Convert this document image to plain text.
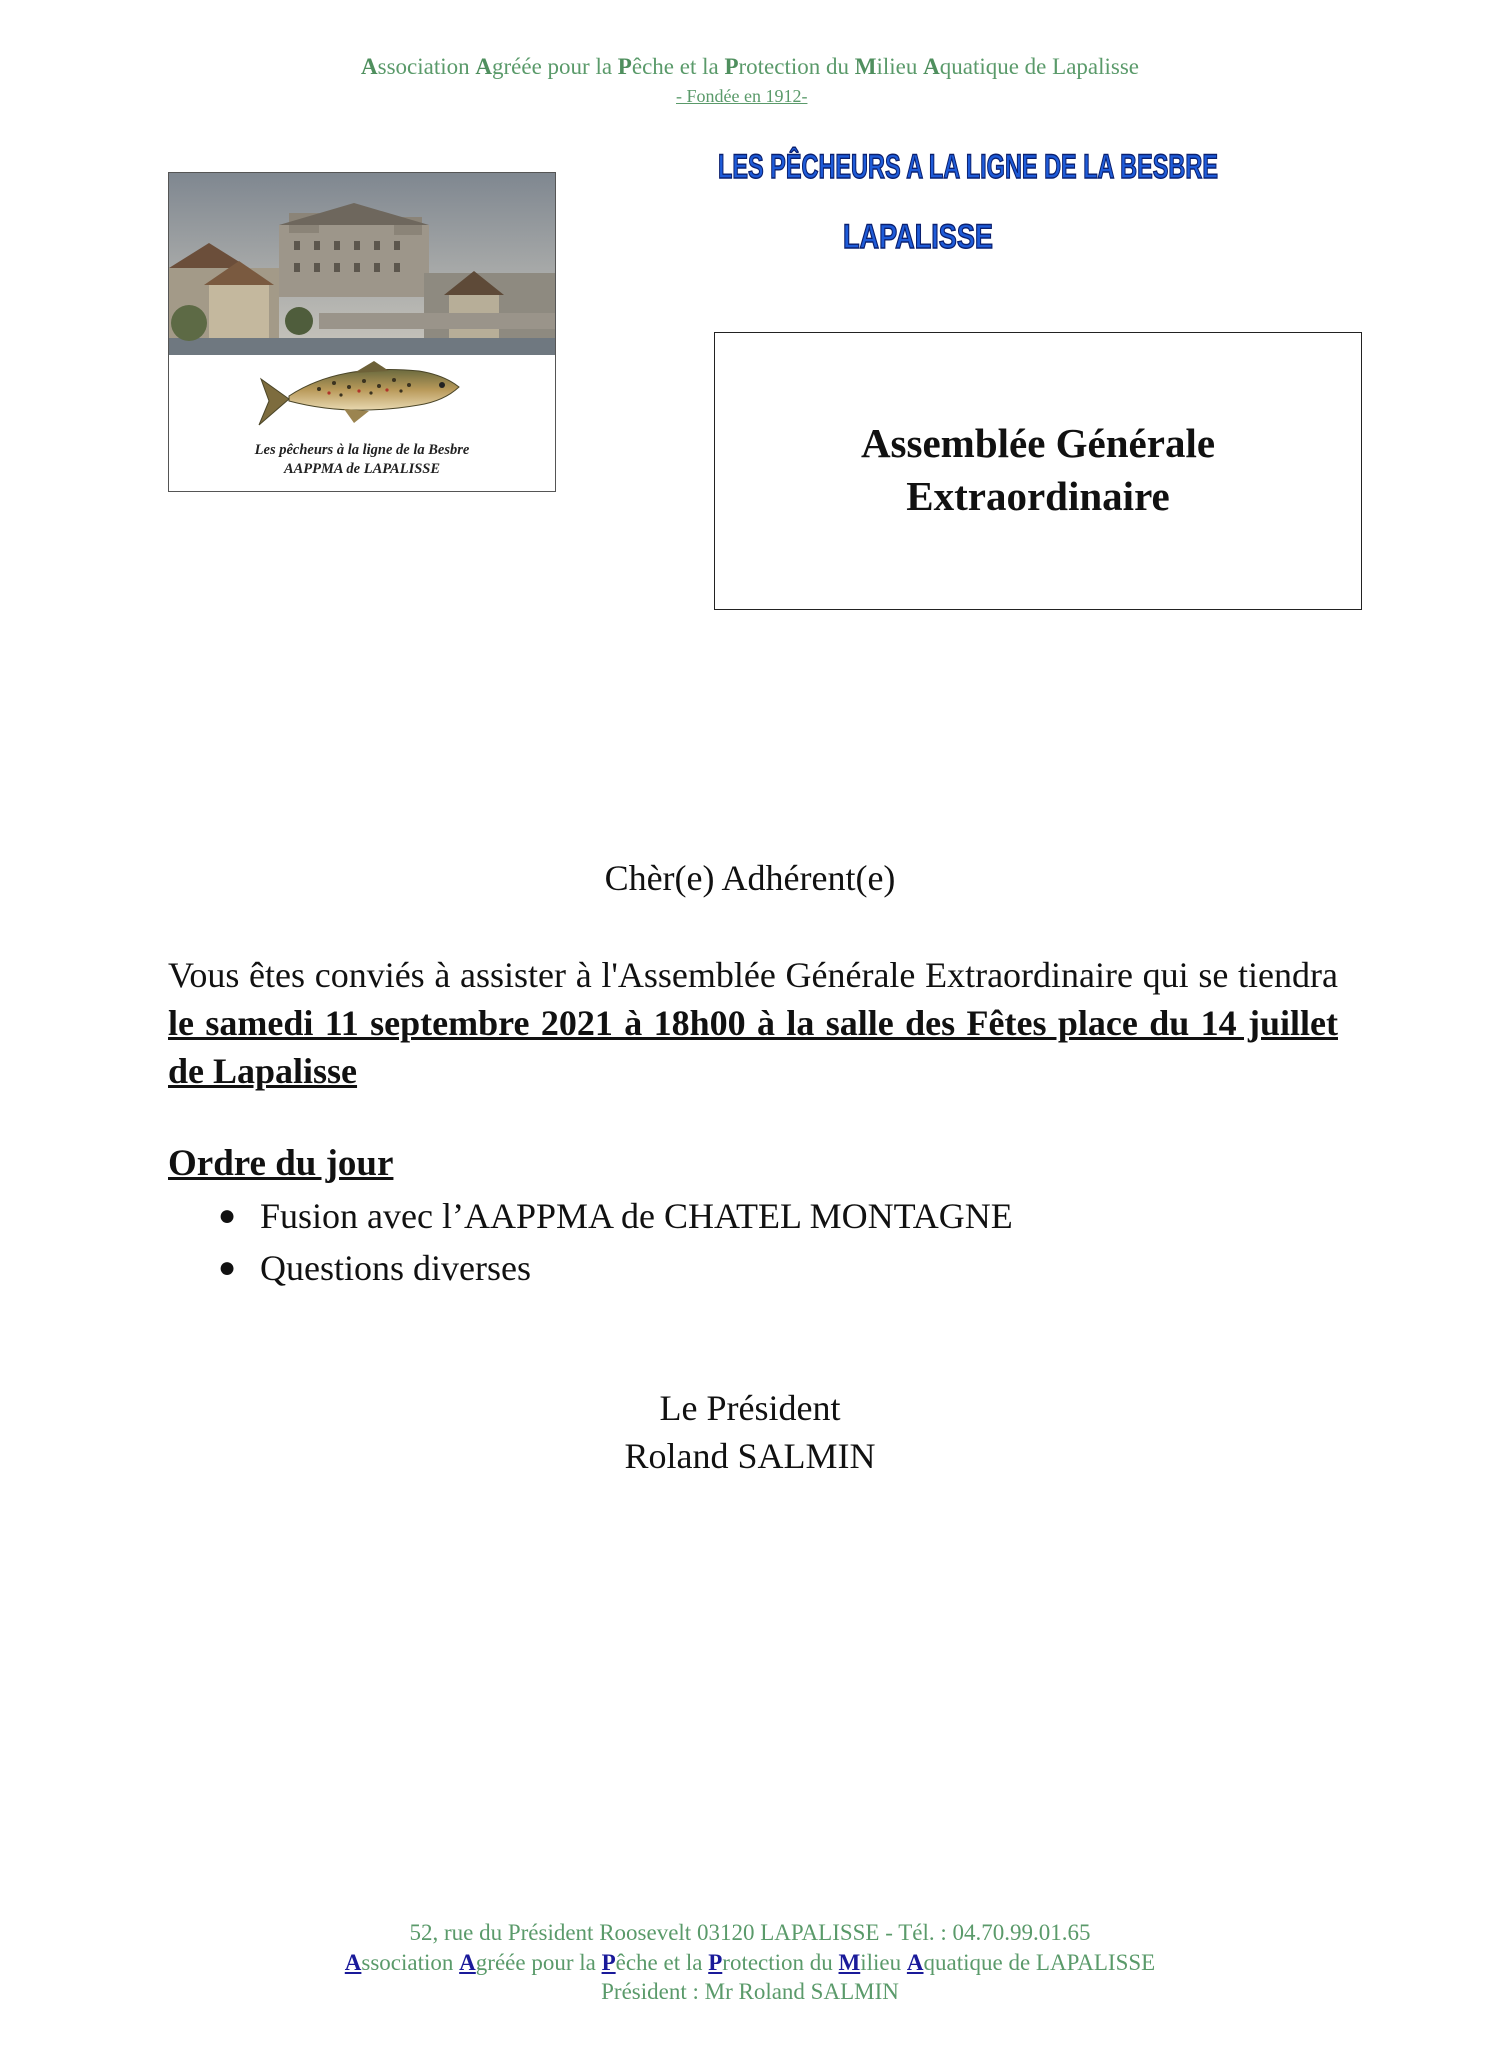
Association Agréée pour la Pêche et la Protection du Milieu Aquatique de Lapalisse
- Fondée en 1912-
Les pêcheurs à la ligne de la Besbre
AAPPMA de LAPALISSE
LES PÊCHEURS A LA LIGNE DE LA BESBRE
LAPALISSE
Assemblée Générale
Extraordinaire
Chèr(e) Adhérent(e)
Vous êtes conviés à assister à l'Assemblée Générale Extraordinaire qui se tiendra le samedi 11 septembre 2021 à 18h00 à la salle des Fêtes place du 14 juillet de Lapalisse
Ordre du jour
● Fusion avec l’AAPPMA de CHATEL MONTAGNE
● Questions diverses
Le Président
Roland SALMIN
52, rue du Président Roosevelt 03120 LAPALISSE - Tél. : 04.70.99.01.65
Association Agréée pour la Pêche et la Protection du Milieu Aquatique de LAPALISSE
Président : Mr Roland SALMIN
